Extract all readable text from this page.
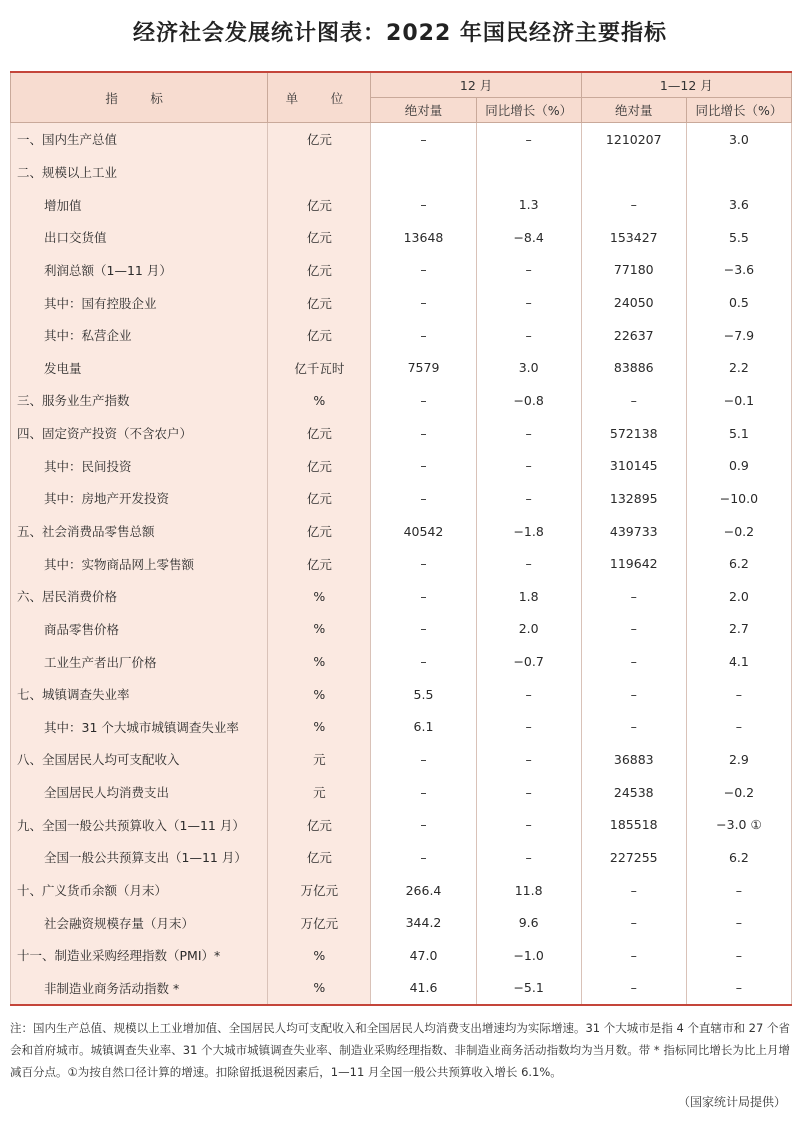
经济社会发展统计图表：2022 年国民经济主要指标
指　标	单　位	12 月		1—12 月	
		绝对量	同比增长（%）	绝对量	同比增长（%）
一、国内生产总值	亿元	–	–	1210207	3.0
二、规模以上工业					
增加值	亿元	–	1.3	–	3.6
出口交货值	亿元	13648	−8.4	153427	5.5
利润总额（1—11 月）	亿元	–	–	77180	−3.6
其中：国有控股企业	亿元	–	–	24050	0.5
其中：私营企业	亿元	–	–	22637	−7.9
发电量	亿千瓦时	7579	3.0	83886	2.2
三、服务业生产指数	%	–	−0.8	–	−0.1
四、固定资产投资（不含农户）	亿元	–	–	572138	5.1
其中：民间投资	亿元	–	–	310145	0.9
其中：房地产开发投资	亿元	–	–	132895	−10.0
五、社会消费品零售总额	亿元	40542	−1.8	439733	−0.2
其中：实物商品网上零售额	亿元	–	–	119642	6.2
六、居民消费价格	%	–	1.8	–	2.0
商品零售价格	%	–	2.0	–	2.7
工业生产者出厂价格	%	–	−0.7	–	4.1
七、城镇调查失业率	%	5.5	–	–	–
其中：31 个大城市城镇调查失业率	%	6.1	–	–	–
八、全国居民人均可支配收入	元	–	–	36883	2.9
全国居民人均消费支出	元	–	–	24538	−0.2
九、全国一般公共预算收入（1—11 月）	亿元	–	–	185518	−3.0 ①
全国一般公共预算支出（1—11 月）	亿元	–	–	227255	6.2
十、广义货币余额（月末）	万亿元	266.4	11.8	–	–
社会融资规模存量（月末）	万亿元	344.2	9.6	–	–
十一、制造业采购经理指数（PMI）*	%	47.0	−1.0	–	–
非制造业商务活动指数 *	%	41.6	−5.1	–	–
注：国内生产总值、规模以上工业增加值、全国居民人均可支配收入和全国居民人均消费支出增速均为实际增速。31 个大城市是指 4 个直辖市和 27 个省会和首府城市。城镇调查失业率、31 个大城市城镇调查失业率、制造业采购经理指数、非制造业商务活动指数均为当月数。带 * 指标同比增长为比上月增减百分点。①为按自然口径计算的增速。扣除留抵退税因素后，1—11 月全国一般公共预算收入增长 6.1%。
（国家统计局提供）
